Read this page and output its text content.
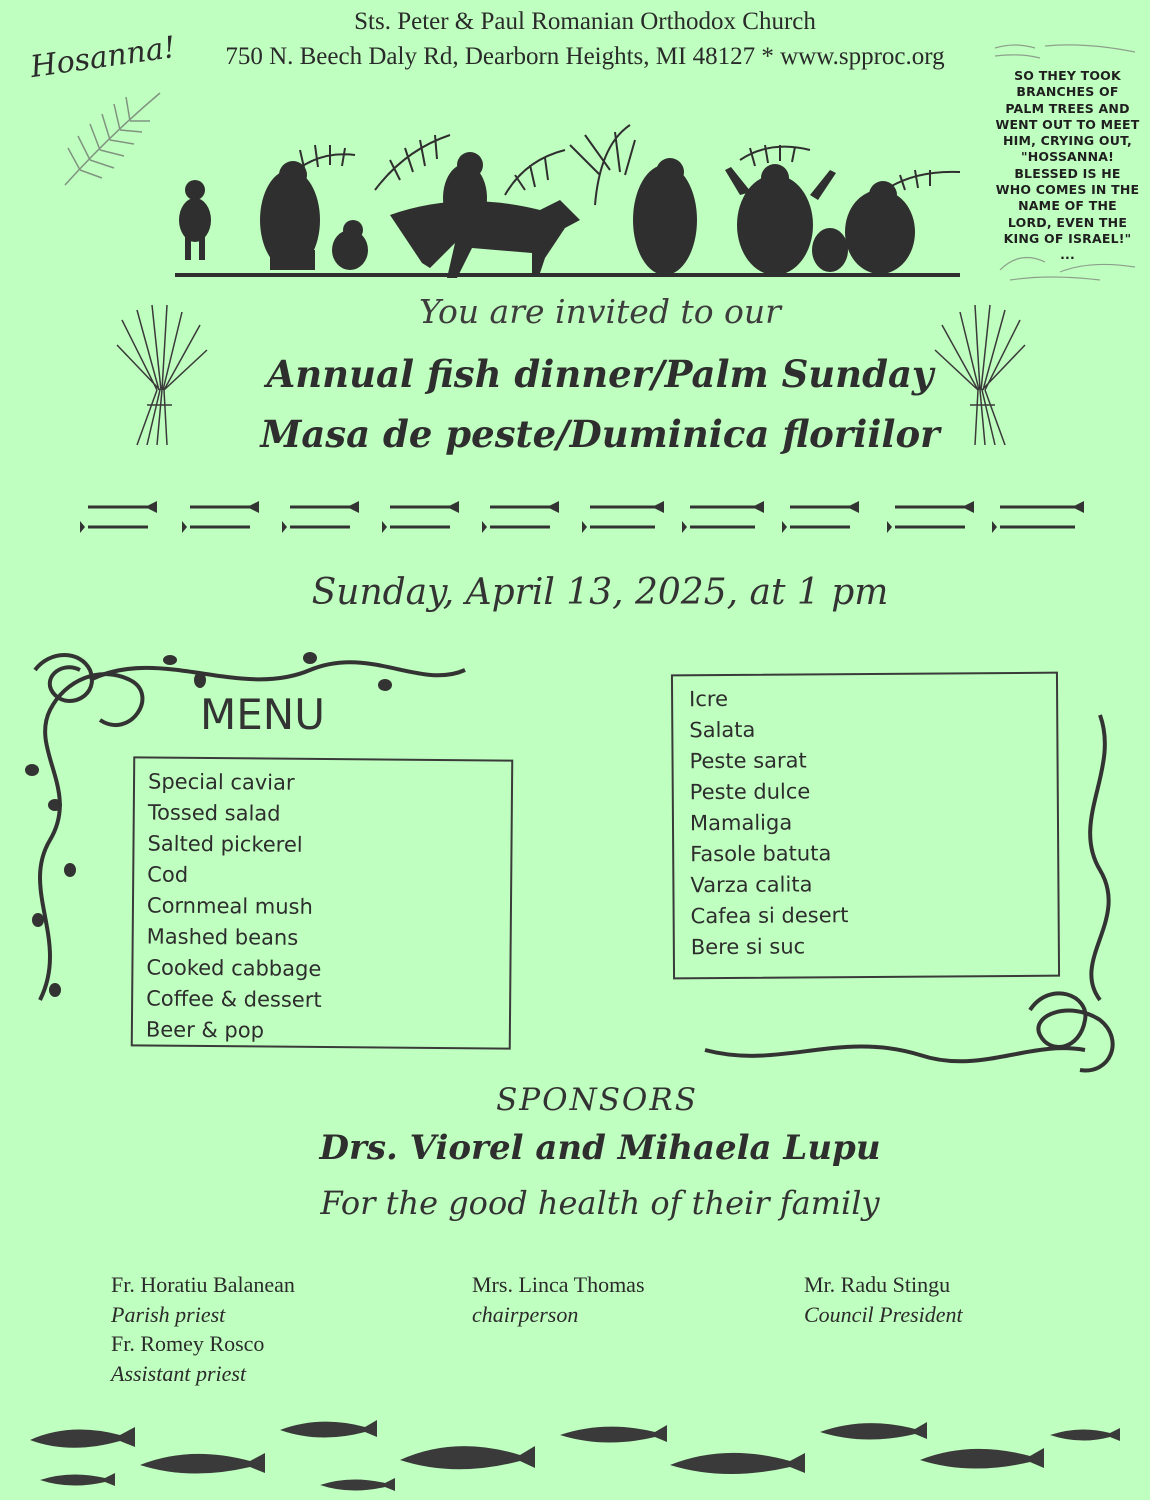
Sts. Peter & Paul Romanian Orthodox Church
750 N. Beech Daly Rd, Dearborn Heights, MI 48127 * www.spproc.org
Hosanna!	SO THEY TOOK BRANCHES OF PALM TREES AND WENT OUT TO MEET HIM, CRYING OUT, "HOSSANNA! BLESSED IS HE WHO COMES IN THE NAME OF THE LORD, EVEN THE KING OF ISRAEL!" ...
You are invited to our
Annual fish dinner/Palm Sunday
Masa de peste/Duminica floriilor
Sunday, April 13, 2025, at 1 pm
MENU
Special caviar
Tossed salad
Salted pickerel
Cod
Cornmeal mush
Mashed beans
Cooked cabbage
Coffee & dessert
Beer & pop
Icre
Salata
Peste sarat
Peste dulce
Mamaliga
Fasole batuta
Varza calita
Cafea si desert
Bere si suc
SPONSORS
Drs. Viorel and Mihaela Lupu
For the good health of their family
Fr. Horatiu Balanean
Parish priest
Fr. Romey Rosco
Assistant priest
Mrs. Linca Thomas
chairperson
Mr. Radu Stingu
Council President
